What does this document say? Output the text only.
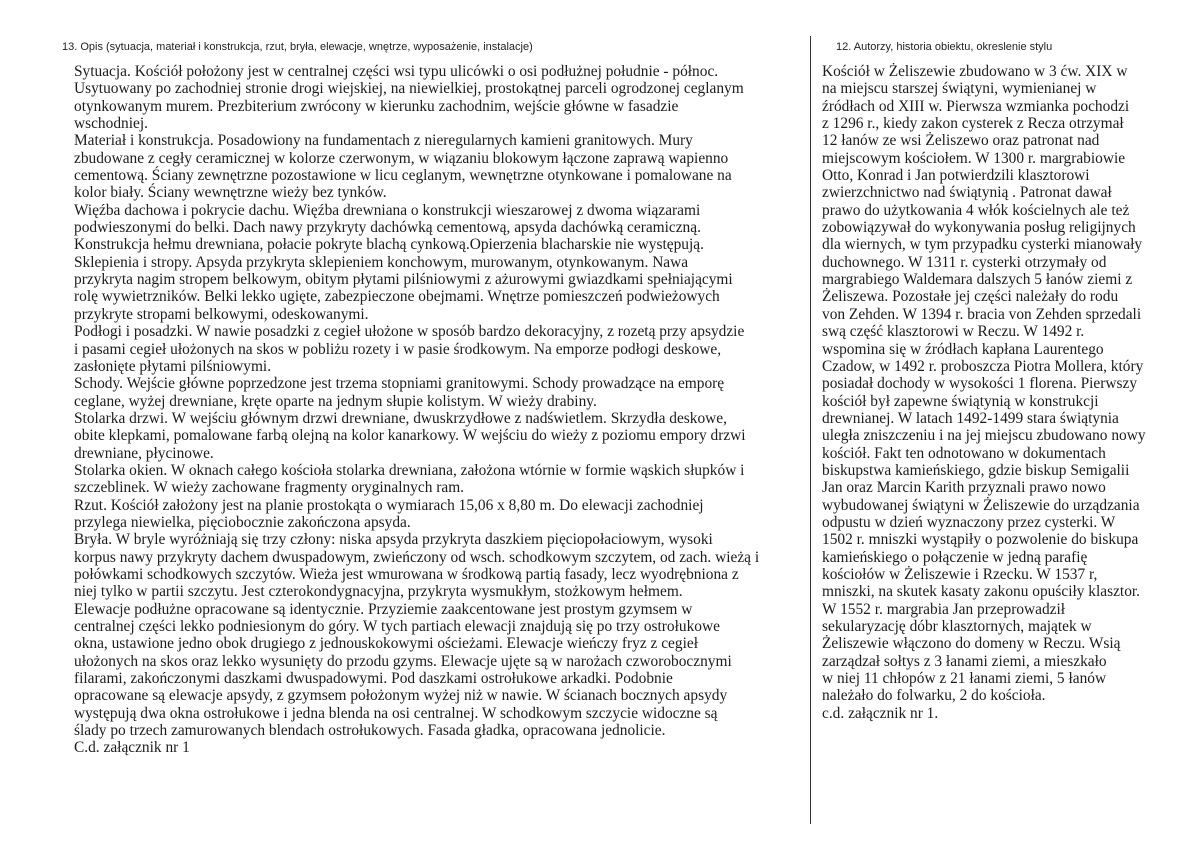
13. Opis (sytuacja, materiał i konstrukcja, rzut, bryła, elewacje, wnętrze, wyposażenie, instalacje)
Sytuacja. Kościół położony jest w centralnej części wsi typu ulicówki o osi podłużnej południe - północ.
Usytuowany po zachodniej stronie drogi wiejskiej, na niewielkiej, prostokątnej parceli ogrodzonej ceglanym
otynkowanym murem. Prezbiterium zwrócony w kierunku zachodnim, wejście główne w fasadzie
wschodniej.
Materiał i konstrukcja. Posadowiony na fundamentach z nieregularnych kamieni granitowych. Mury
zbudowane z cegły ceramicznej w kolorze czerwonym, w wiązaniu blokowym łączone zaprawą wapienno
cementową. Ściany zewnętrzne pozostawione w licu ceglanym, wewnętrzne otynkowane i pomalowane na
kolor biały. Ściany wewnętrzne wieży bez tynków.
Więźba dachowa i pokrycie dachu. Więźba drewniana o konstrukcji wieszarowej z dwoma wiązarami
podwieszonymi do belki. Dach nawy przykryty dachówką cementową, apsyda dachówką ceramiczną.
Konstrukcja hełmu drewniana, połacie pokryte blachą cynkową.Opierzenia blacharskie nie występują.
Sklepienia i stropy. Apsyda przykryta sklepieniem konchowym, murowanym, otynkowanym. Nawa
przykryta nagim stropem belkowym, obitym płytami pilśniowymi z ażurowymi gwiazdkami spełniającymi
rolę wywietrzników. Belki lekko ugięte, zabezpieczone obejmami. Wnętrze pomieszczeń podwieżowych
przykryte stropami belkowymi, odeskowanymi.
Podłogi i posadzki. W nawie posadzki z cegieł ułożone w sposób bardzo dekoracyjny, z rozetą przy apsydzie
i pasami cegieł ułożonych na skos w pobliżu rozety i w pasie środkowym. Na emporze podłogi deskowe,
zasłonięte płytami pilśniowymi.
Schody. Wejście główne poprzedzone jest trzema stopniami granitowymi. Schody prowadzące na emporę
ceglane, wyżej drewniane, kręte oparte na jednym słupie kolistym. W wieży drabiny.
Stolarka drzwi. W wejściu głównym drzwi drewniane, dwuskrzydłowe z nadświetlem. Skrzydła deskowe,
obite klepkami, pomalowane farbą olejną na kolor kanarkowy. W wejściu do wieży z poziomu empory drzwi
drewniane, płycinowe.
Stolarka okien. W oknach całego kościoła stolarka drewniana, założona wtórnie w formie wąskich słupków i
szczeblinek. W wieży zachowane fragmenty oryginalnych ram.
Rzut. Kościół założony jest na planie prostokąta o wymiarach 15,06 x 8,80 m. Do elewacji zachodniej
przylega niewielka, pięciobocznie zakończona apsyda.
Bryła. W bryle wyróżniają się trzy człony: niska apsyda przykryta daszkiem pięciopołaciowym, wysoki
korpus nawy przykryty dachem dwuspadowym, zwieńczony od wsch. schodkowym szczytem, od zach. wieżą i
połówkami schodkowych szczytów. Wieża jest wmurowana w środkową partią fasady, lecz wyodrębniona z
niej tylko w partii szczytu. Jest czterokondygnacyjna, przykryta wysmukłym, stożkowym hełmem.
Elewacje podłużne opracowane są identycznie. Przyziemie zaakcentowane jest prostym gzymsem w
centralnej części lekko podniesionym do góry. W tych partiach elewacji znajdują się po trzy ostrołukowe
okna, ustawione jedno obok drugiego z jednouskokowymi ościeżami. Elewacje wieńczy fryz z cegieł
ułożonych na skos oraz lekko wysunięty do przodu gzyms. Elewacje ujęte są w narożach czworobocznymi
filarami, zakończonymi daszkami dwuspadowymi. Pod daszkami ostrołukowe arkadki. Podobnie
opracowane są elewacje apsydy, z gzymsem położonym wyżej niż w nawie. W ścianach bocznych apsydy
występują dwa okna ostrołukowe i jedna blenda na osi centralnej. W schodkowym szczycie widoczne są
ślady po trzech zamurowanych blendach ostrołukowych. Fasada gładka, opracowana jednolicie.
C.d. załącznik nr 1
12. Autorzy, historia obiektu, okreslenie stylu
Kościół w Żeliszewie zbudowano w 3 ćw. XIX w
na miejscu starszej świątyni, wymienianej w
źródłach od XIII w. Pierwsza wzmianka pochodzi
z 1296 r., kiedy zakon cysterek z Recza otrzymał
12 łanów ze wsi Żeliszewo oraz patronat nad
miejscowym kościołem. W 1300 r. margrabiowie
Otto, Konrad i Jan potwierdzili klasztorowi
zwierzchnictwo nad świątynią . Patronat dawał
prawo do użytkowania 4 włók kościelnych ale też
zobowiązywał do wykonywania posług religijnych
dla wiernych, w tym przypadku cysterki mianowały
duchownego. W 1311 r. cysterki otrzymały od
margrabiego Waldemara dalszych 5 łanów ziemi z
Żeliszewa. Pozostałe jej części należały do rodu
von Zehden. W 1394 r. bracia von Zehden sprzedali
swą część klasztorowi w Reczu. W 1492 r.
wspomina się w źródłach kapłana Laurentego
Czadow, w 1492 r. proboszcza Piotra Mollera, który
posiadał dochody w wysokości 1 florena. Pierwszy
kościół był zapewne świątynią w konstrukcji
drewnianej. W latach 1492-1499 stara świątynia
uległa zniszczeniu i na jej miejscu zbudowano nowy
kościół. Fakt ten odnotowano w dokumentach
biskupstwa kamieńskiego, gdzie biskup Semigalii
Jan oraz Marcin Karith przyznali prawo nowo
wybudowanej świątyni w Żeliszewie do urządzania
odpustu w dzień wyznaczony przez cysterki. W
1502 r. mniszki wystąpiły o pozwolenie do biskupa
kamieńskiego o połączenie w jedną parafię
kościołów w Żeliszewie i Rzecku. W 1537 r,
mniszki, na skutek kasaty zakonu opuściły klasztor.
W 1552 r. margrabia Jan przeprowadził
sekularyzację dóbr klasztornych, majątek w
Żeliszewie włączono do domeny w Reczu. Wsią
zarządzał sołtys z 3 łanami ziemi, a mieszkało
w niej 11 chłopów z 21 łanami ziemi, 5 łanów
należało do folwarku, 2 do kościoła.
c.d. załącznik nr 1.
